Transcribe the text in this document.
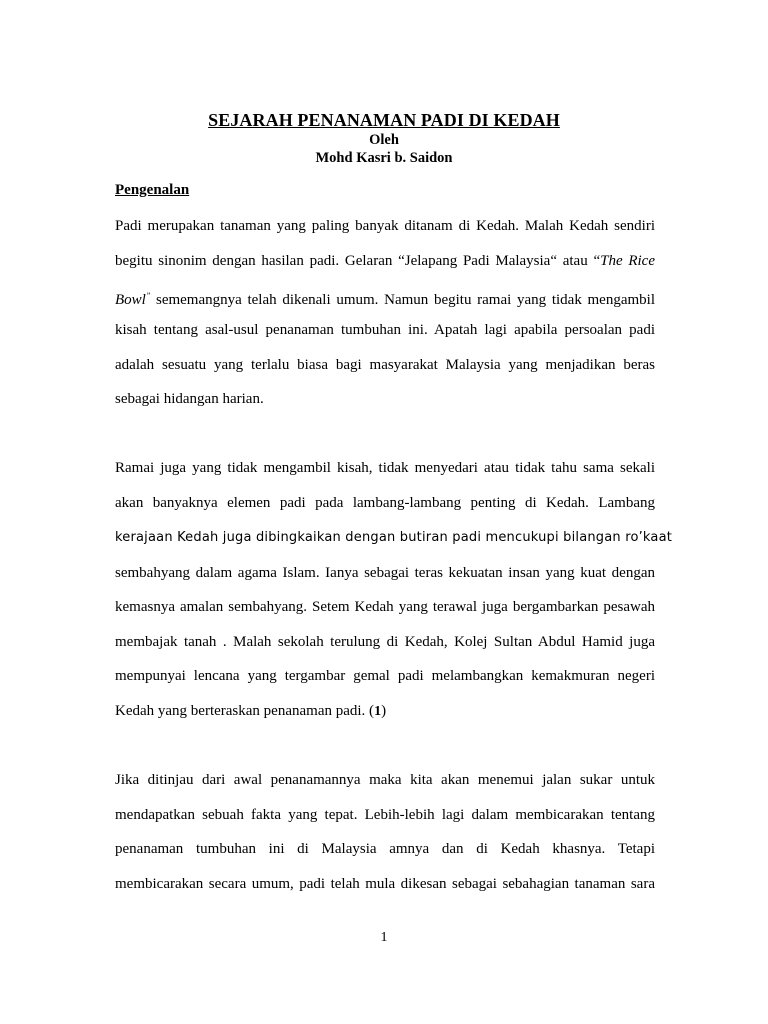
SEJARAH PENANAMAN PADI DI KEDAH
Oleh
Mohd Kasri b. Saidon
Pengenalan
Padi merupakan tanaman yang paling banyak ditanam di Kedah. Malah Kedah sendiri
begitu sinonim dengan hasilan padi. Gelaran “Jelapang Padi Malaysia“ atau “The Rice
Bowl” sememangnya telah dikenali umum. Namun begitu ramai yang tidak mengambil
kisah tentang asal-usul penanaman tumbuhan ini. Apatah lagi apabila persoalan padi
adalah sesuatu yang terlalu biasa bagi masyarakat Malaysia yang menjadikan beras
sebagai hidangan harian.
Ramai juga yang tidak mengambil kisah, tidak menyedari atau tidak tahu sama sekali
akan banyaknya elemen padi pada lambang-lambang penting di Kedah. Lambang
kerajaan Kedah juga dibingkaikan dengan butiran padi mencukupi bilangan ro’kaat
sembahyang dalam agama Islam. Ianya sebagai teras kekuatan insan yang kuat dengan
kemasnya amalan sembahyang. Setem Kedah yang terawal juga bergambarkan pesawah
membajak tanah . Malah sekolah terulung di Kedah, Kolej Sultan Abdul Hamid juga
mempunyai lencana yang tergambar gemal padi melambangkan kemakmuran negeri
Kedah yang berteraskan penanaman padi. (1)
Jika ditinjau dari awal penanamannya maka kita akan menemui jalan sukar untuk
mendapatkan sebuah fakta yang tepat. Lebih-lebih lagi dalam membicarakan tentang
penanaman tumbuhan ini di Malaysia amnya dan di Kedah khasnya. Tetapi
membicarakan secara umum, padi telah mula dikesan sebagai sebahagian tanaman sara
1
